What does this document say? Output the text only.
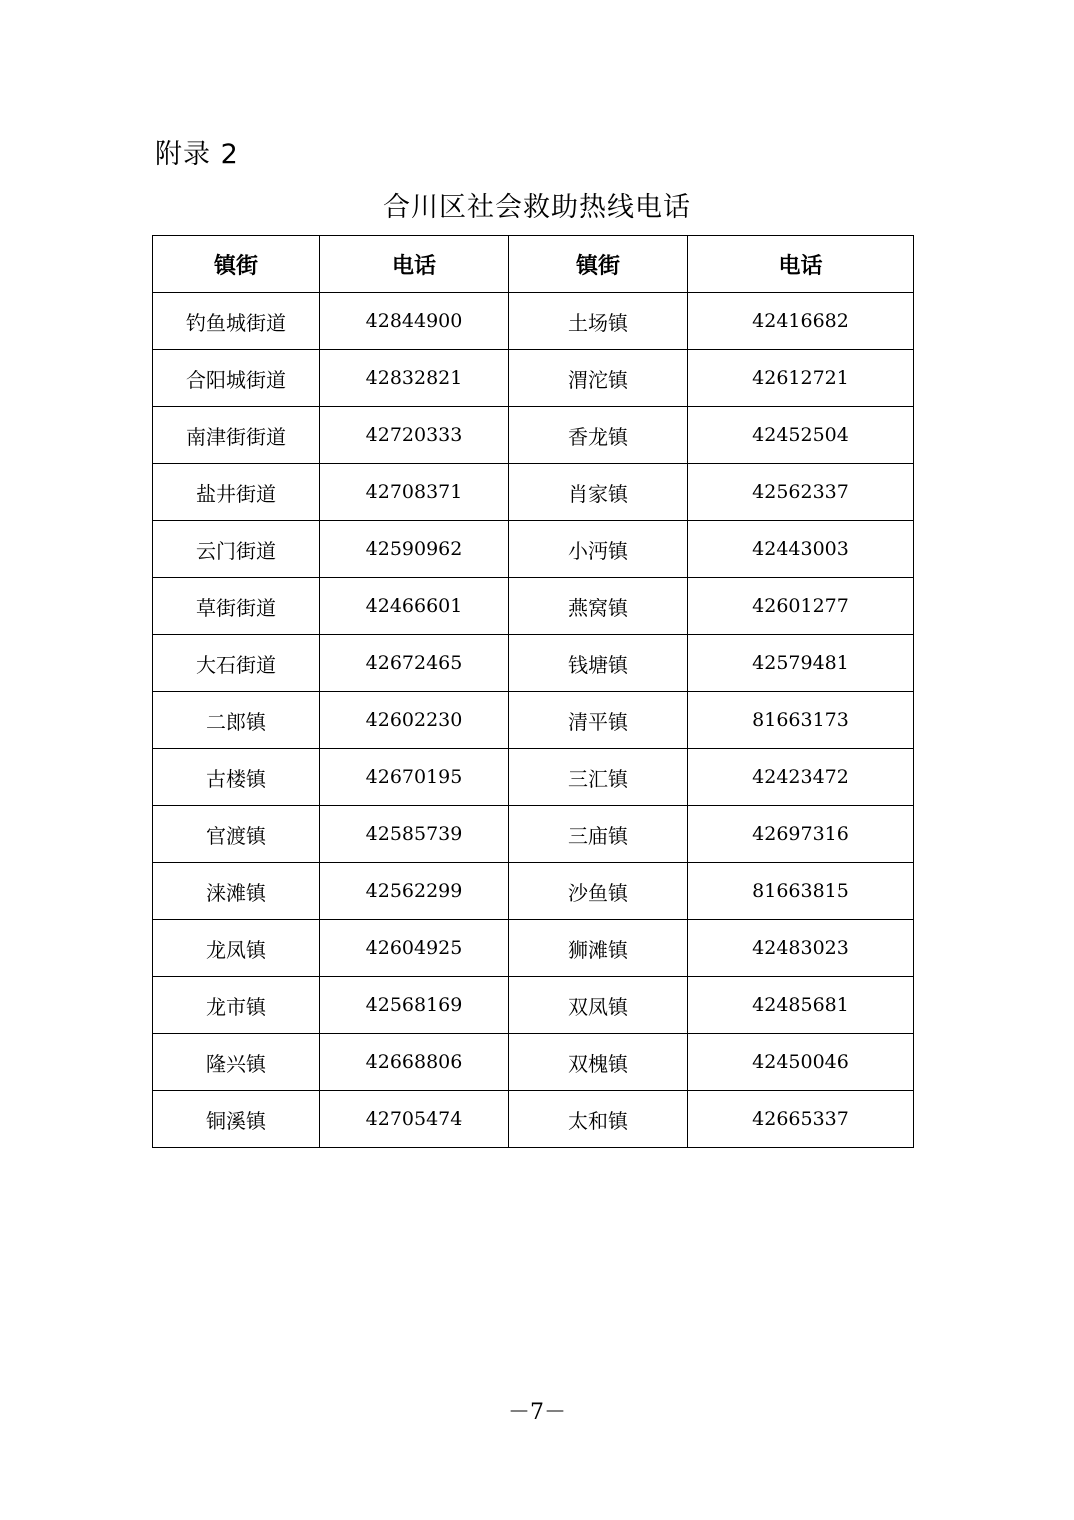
附录 2
合川区社会救助热线电话
镇街	电话	镇街	电话
钓鱼城街道	42844900	土场镇	42416682
合阳城街道	42832821	渭沱镇	42612721
南津街街道	42720333	香龙镇	42452504
盐井街道	42708371	肖家镇	42562337
云门街道	42590962	小沔镇	42443003
草街街道	42466601	燕窝镇	42601277
大石街道	42672465	钱塘镇	42579481
二郎镇	42602230	清平镇	81663173
古楼镇	42670195	三汇镇	42423472
官渡镇	42585739	三庙镇	42697316
涞滩镇	42562299	沙鱼镇	81663815
龙凤镇	42604925	狮滩镇	42483023
龙市镇	42568169	双凤镇	42485681
隆兴镇	42668806	双槐镇	42450046
铜溪镇	42705474	太和镇	42665337
－7－
